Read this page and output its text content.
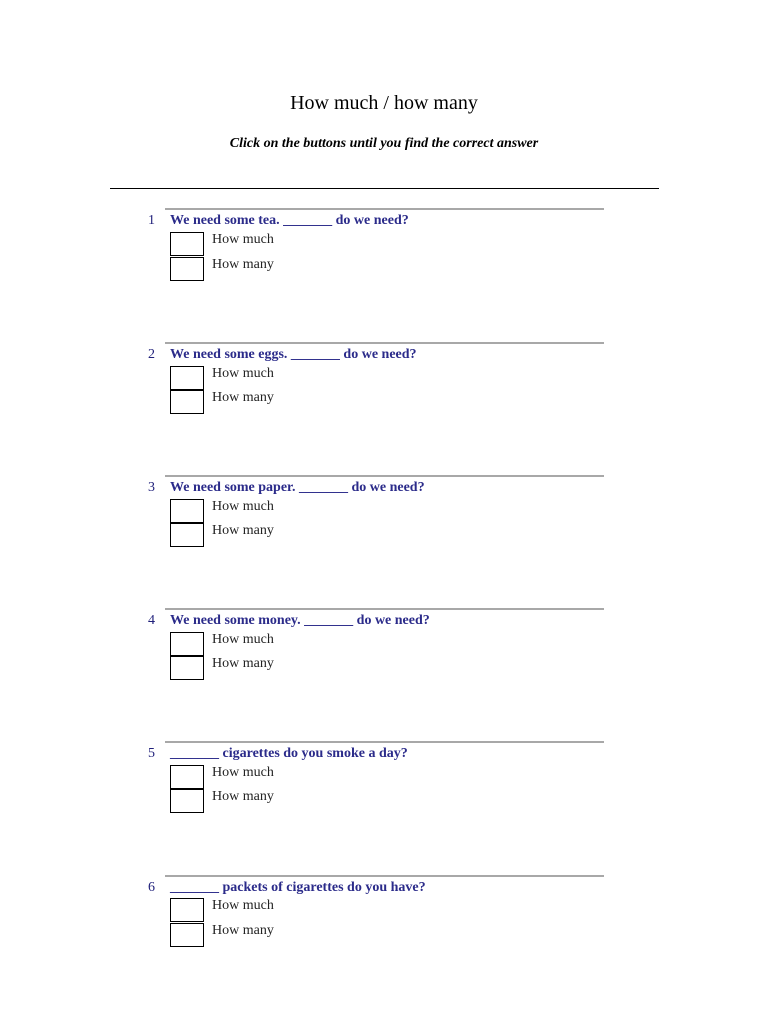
How much / how many
Click on the buttons until you find the correct answer
1 We need some tea. _______ do we need?
How much
How many
2 We need some eggs. _______ do we need?
How much
How many
3 We need some paper. _______ do we need?
How much
How many
4 We need some money. _______ do we need?
How much
How many
5 _______ cigarettes do you smoke a day?
How much
How many
6 _______ packets of cigarettes do you have?
How much
How many
